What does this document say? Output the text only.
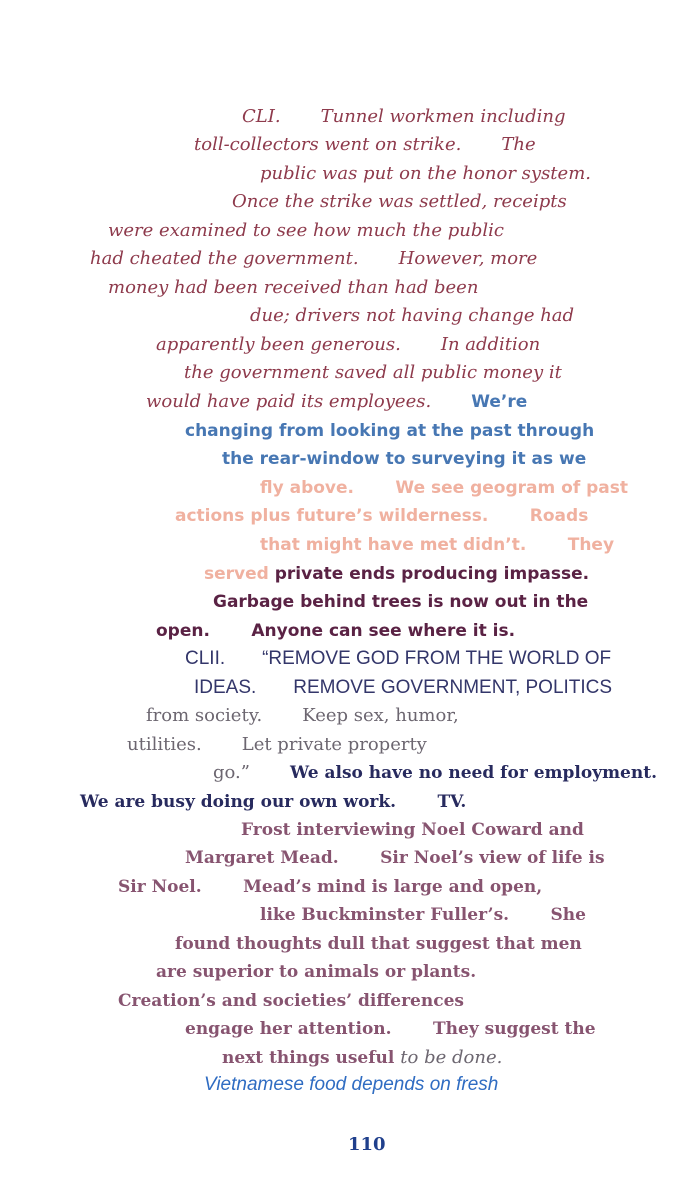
CLI.       Tunnel workmen including

toll-collectors went on strike.       The

public was put on the honor system.

Once the strike was settled, receipts

were examined to see how much the public

had cheated the government.       However, more

money had been received than had been

due; drivers not having change had

apparently been generous.       In addition

the government saved all public money it

would have paid its employees.       We’re

changing from looking at the past through

the rear-window to surveying it as we

fly above.       We see geogram of past

actions plus future’s wilderness.       Roads

that might have met didn’t.       They

served private ends producing impasse.

Garbage behind trees is now out in the

open.       Anyone can see where it is.

CLII.       “REMOVE GOD FROM THE WORLD OF

IDEAS.       REMOVE GOVERNMENT, POLITICS

from society.       Keep sex, humor,

utilities.       Let private property

go.”       We also have no need for employment.

We are busy doing our own work.       TV.

Frost interviewing Noel Coward and

Margaret Mead.       Sir Noel’s view of life is

Sir Noel.       Mead’s mind is large and open,

like Buckminster Fuller’s.       She

found thoughts dull that suggest that men

are superior to animals or plants.

Creation’s and societies’ differences

engage her attention.       They suggest the

next things useful to be done.

Vietnamese food depends on fresh

110
